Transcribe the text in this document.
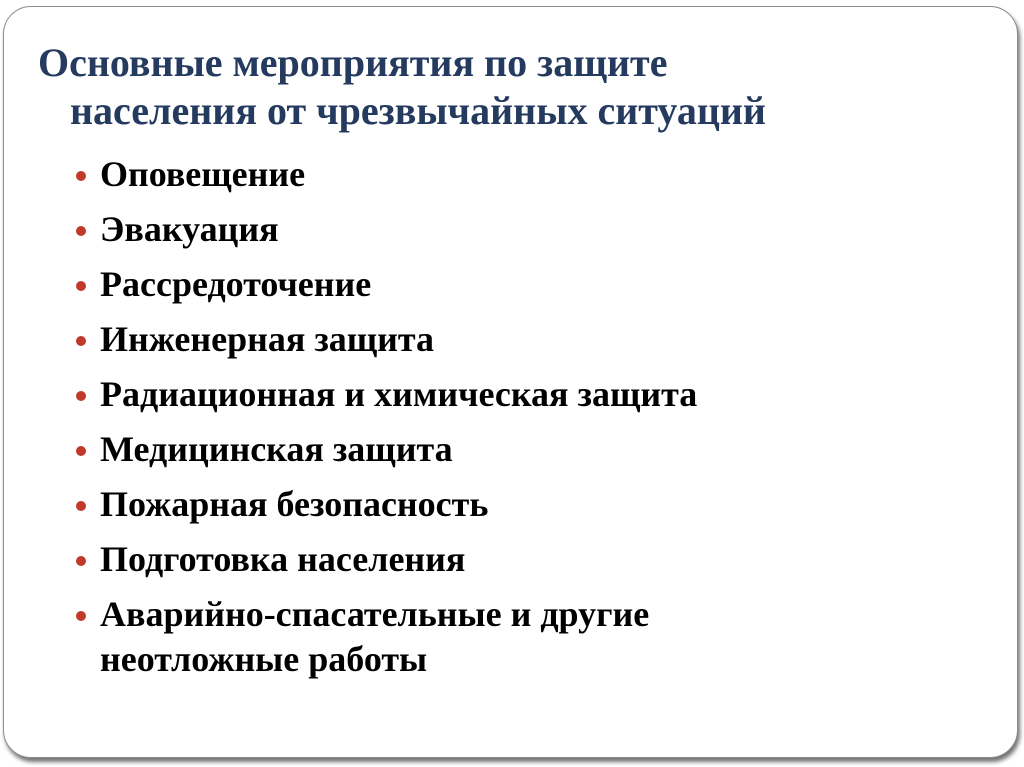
Основные мероприятия по защите
населения от чрезвычайных ситуаций
Оповещение
Эвакуация
Рассредоточение
Инженерная защита
Радиационная и химическая защита
Медицинская защита
Пожарная безопасность
Подготовка населения
Аварийно-спасательные и другие
неотложные работы
